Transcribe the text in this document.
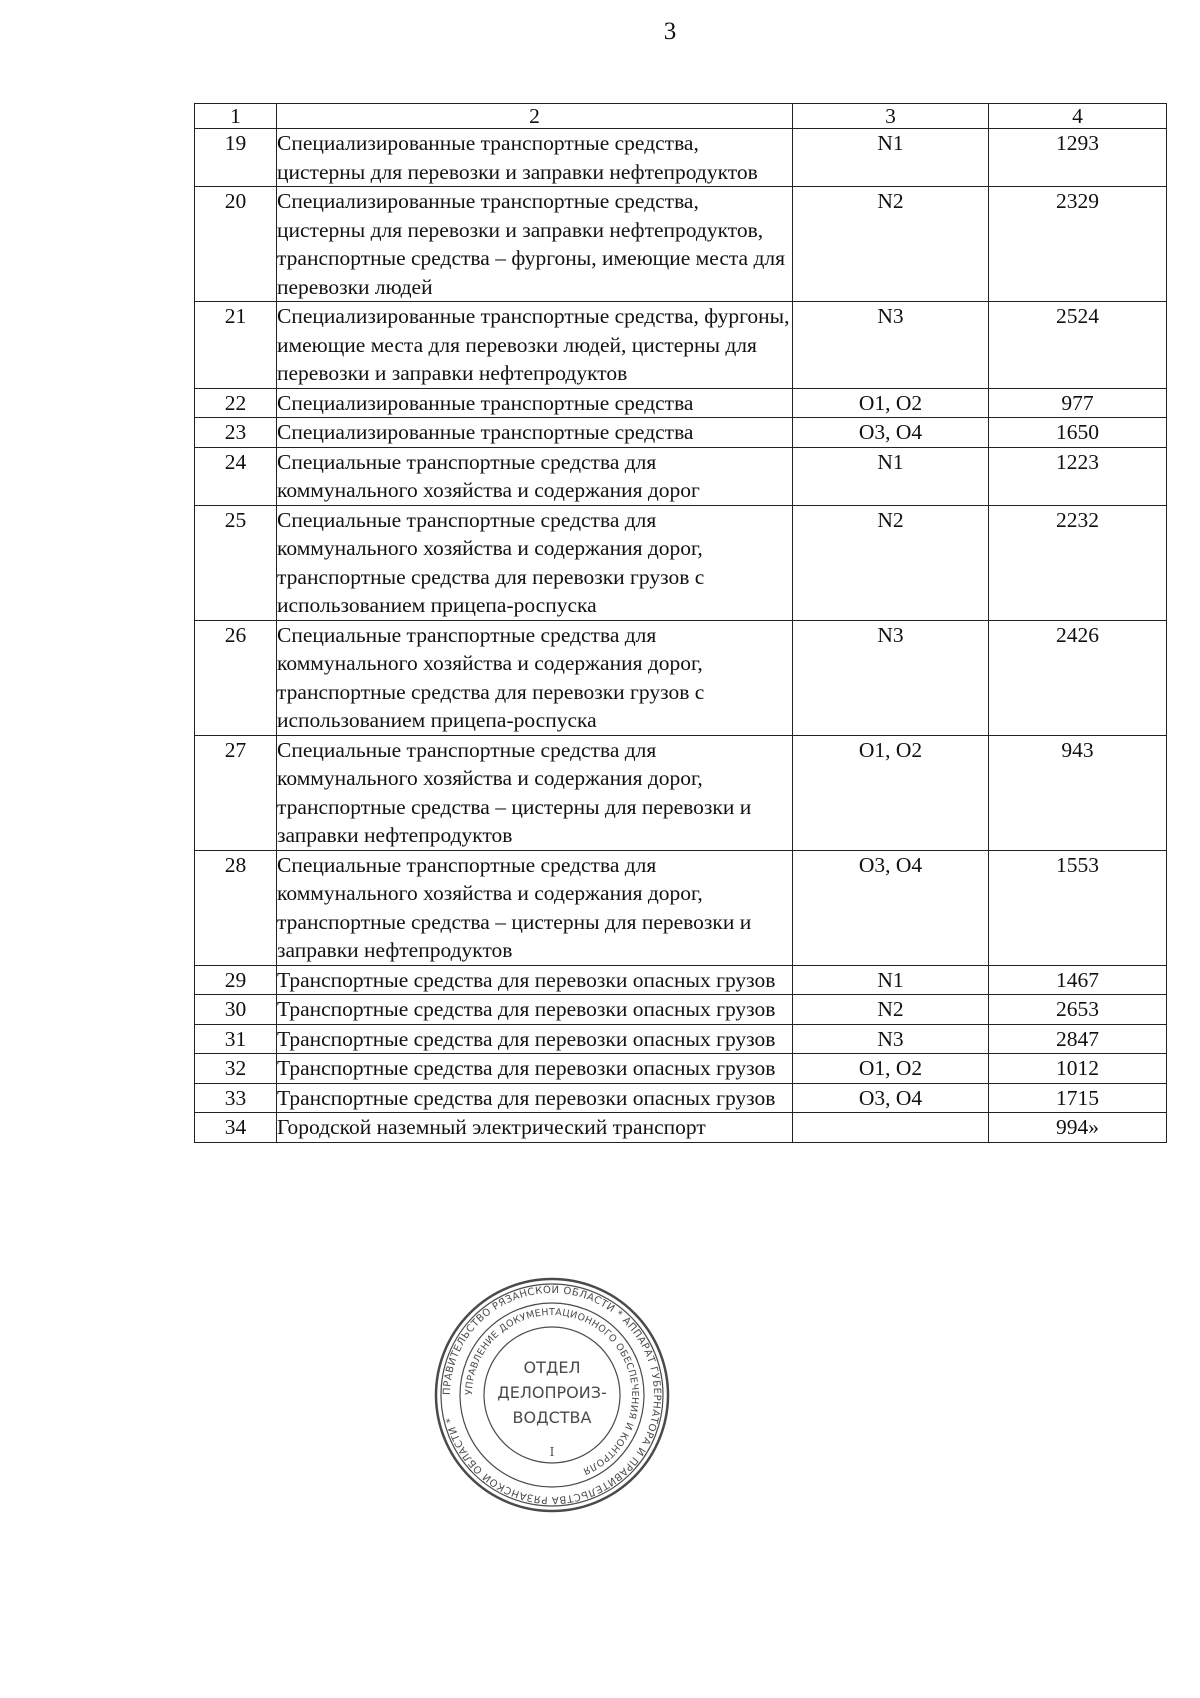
3
1	2	3	4
19	Специализированные транспортные средства, цистерны для перевозки и заправки нефтепродуктов	N1	1293
20	Специализированные транспортные средства, цистерны для перевозки и заправки нефтепродуктов, транспортные средства – фургоны, имеющие места для перевозки людей	N2	2329
21	Специализированные транспортные средства, фургоны, имеющие места для перевозки людей, цистерны для перевозки и заправки нефтепродуктов	N3	2524
22	Специализированные транспортные средства	O1, O2	977
23	Специализированные транспортные средства	O3, O4	1650
24	Специальные транспортные средства для коммунального хозяйства и содержания дорог	N1	1223
25	Специальные транспортные средства для коммунального хозяйства и содержания дорог, транспортные средства для перевозки грузов с использованием прицепа-роспуска	N2	2232
26	Специальные транспортные средства для коммунального хозяйства и содержания дорог, транспортные средства для перевозки грузов с использованием прицепа-роспуска	N3	2426
27	Специальные транспортные средства для коммунального хозяйства и содержания дорог, транспортные средства – цистерны для перевозки и заправки нефтепродуктов	O1, O2	943
28	Специальные транспортные средства для коммунального хозяйства и содержания дорог, транспортные средства – цистерны для перевозки и заправки нефтепродуктов	O3, O4	1553
29	Транспортные средства для перевозки опасных грузов	N1	1467
30	Транспортные средства для перевозки опасных грузов	N2	2653
31	Транспортные средства для перевозки опасных грузов	N3	2847
32	Транспортные средства для перевозки опасных грузов	O1, O2	1012
33	Транспортные средства для перевозки опасных грузов	O3, O4	1715
34	Городской наземный электрический транспорт		994»
ПРАВИТЕЛЬСТВО РЯЗАНСКОЙ ОБЛАСТИ * АППАРАТ ГУБЕРНАТОРА И ПРАВИТЕЛЬСТВА РЯЗАНСКОЙ ОБЛАСТИ *
УПРАВЛЕНИЕ ДОКУМЕНТАЦИОННОГО ОБЕСПЕЧЕНИЯ И КОНТРОЛЯ
ОТДЕЛ
ДЕЛОПРОИЗ-
ВОДСТВА
I
